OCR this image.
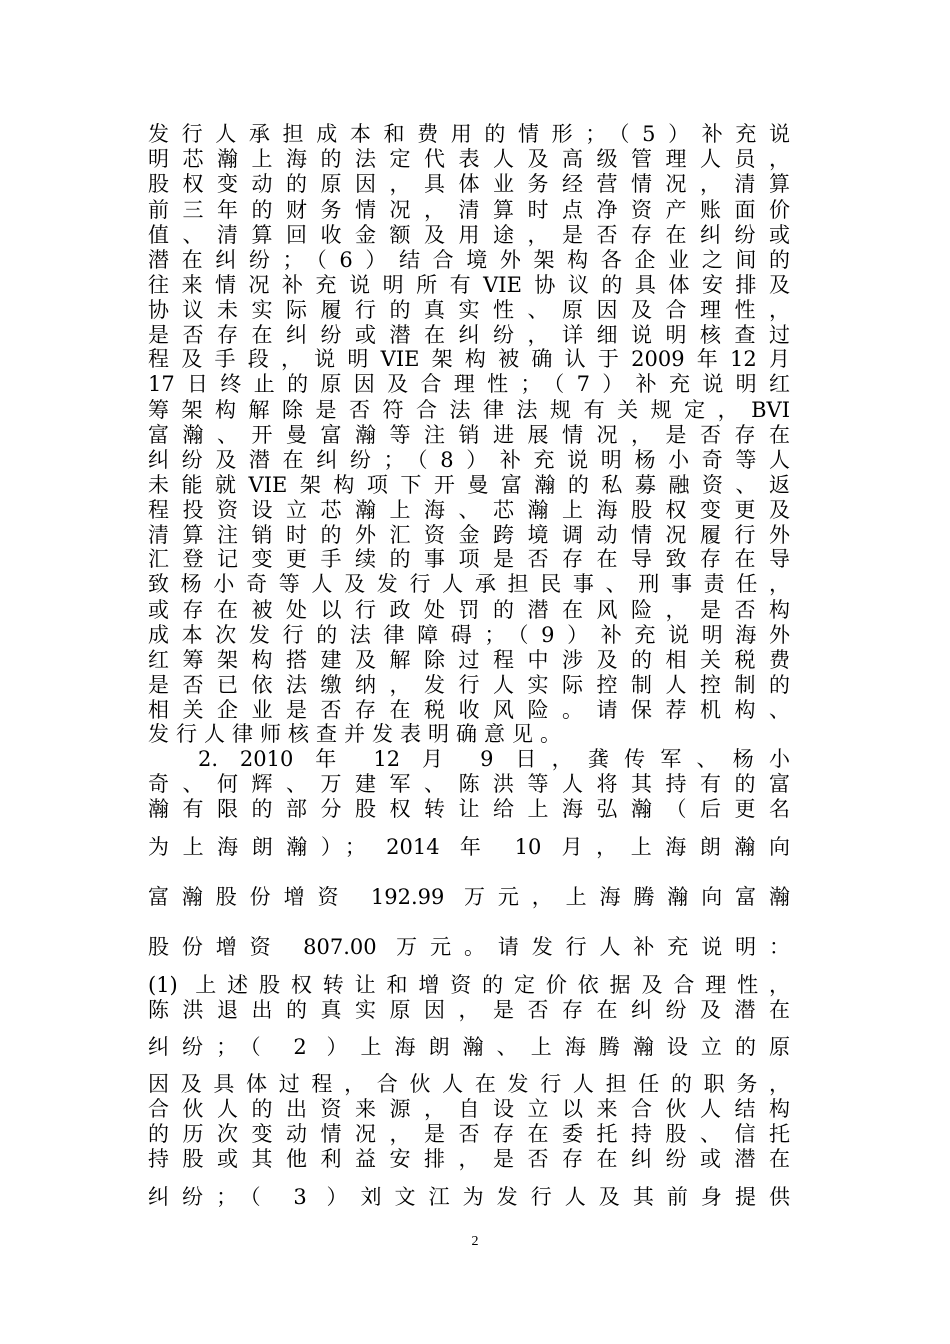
发行人承担成本和费用的情形；（5）补充说
明芯瀚上海的法定代表人及高级管理人员，
股权变动的原因，具体业务经营情况，清算
前三年的财务情况，清算时点净资产账面价
值、清算回收金额及用途，是否存在纠纷或
潜在纠纷；（6）结合境外架构各企业之间的
往来情况补充说明所有VIE协议的具体安排及
协议未实际履行的真实性、原因及合理性，
是否存在纠纷或潜在纠纷，详细说明核查过
程及手段，说明VIE架构被确认于2009年12月
17日终止的原因及合理性；（7）补充说明红
筹架构解除是否符合法律法规有关规定，BVI
富瀚、开曼富瀚等注销进展情况，是否存在
纠纷及潜在纠纷；（8）补充说明杨小奇等人
未能就VIE架构项下开曼富瀚的私募融资、返
程投资设立芯瀚上海、芯瀚上海股权变更及
清算注销时的外汇资金跨境调动情况履行外
汇登记变更手续的事项是否存在导致存在导
致杨小奇等人及发行人承担民事、刑事责任，
或存在被处以行政处罚的潜在风险，是否构
成本次发行的法律障碍；（9）补充说明海外
红筹架构搭建及解除过程中涉及的相关税费
是否已依法缴纳，发行人实际控制人控制的
相关企业是否存在税收风险。请保荐机构、
发行人律师核查并发表明确意见。
2. 2010 年 12 月 9 日，龚传军、杨小
奇、何辉、万建军、陈洪等人将其持有的富
瀚有限的部分股权转让给上海弘瀚（后更名
为上海朗瀚）； 2014 年 10 月，上海朗瀚向
富瀚股份增资 192.99 万元，上海腾瀚向富瀚
股份增资 807.00 万元。请发行人补充说明：
(1) 上述股权转让和增资的定价依据及合理性，
陈洪退出的真实原因，是否存在纠纷及潜在
纠纷；（ 2 ）上海朗瀚、上海腾瀚设立的原
因及具体过程，合伙人在发行人担任的职务，
合伙人的出资来源，自设立以来合伙人结构
的历次变动情况，是否存在委托持股、信托
持股或其他利益安排，是否存在纠纷或潜在
纠纷；（ 3 ）刘文江为发行人及其前身提供
2
